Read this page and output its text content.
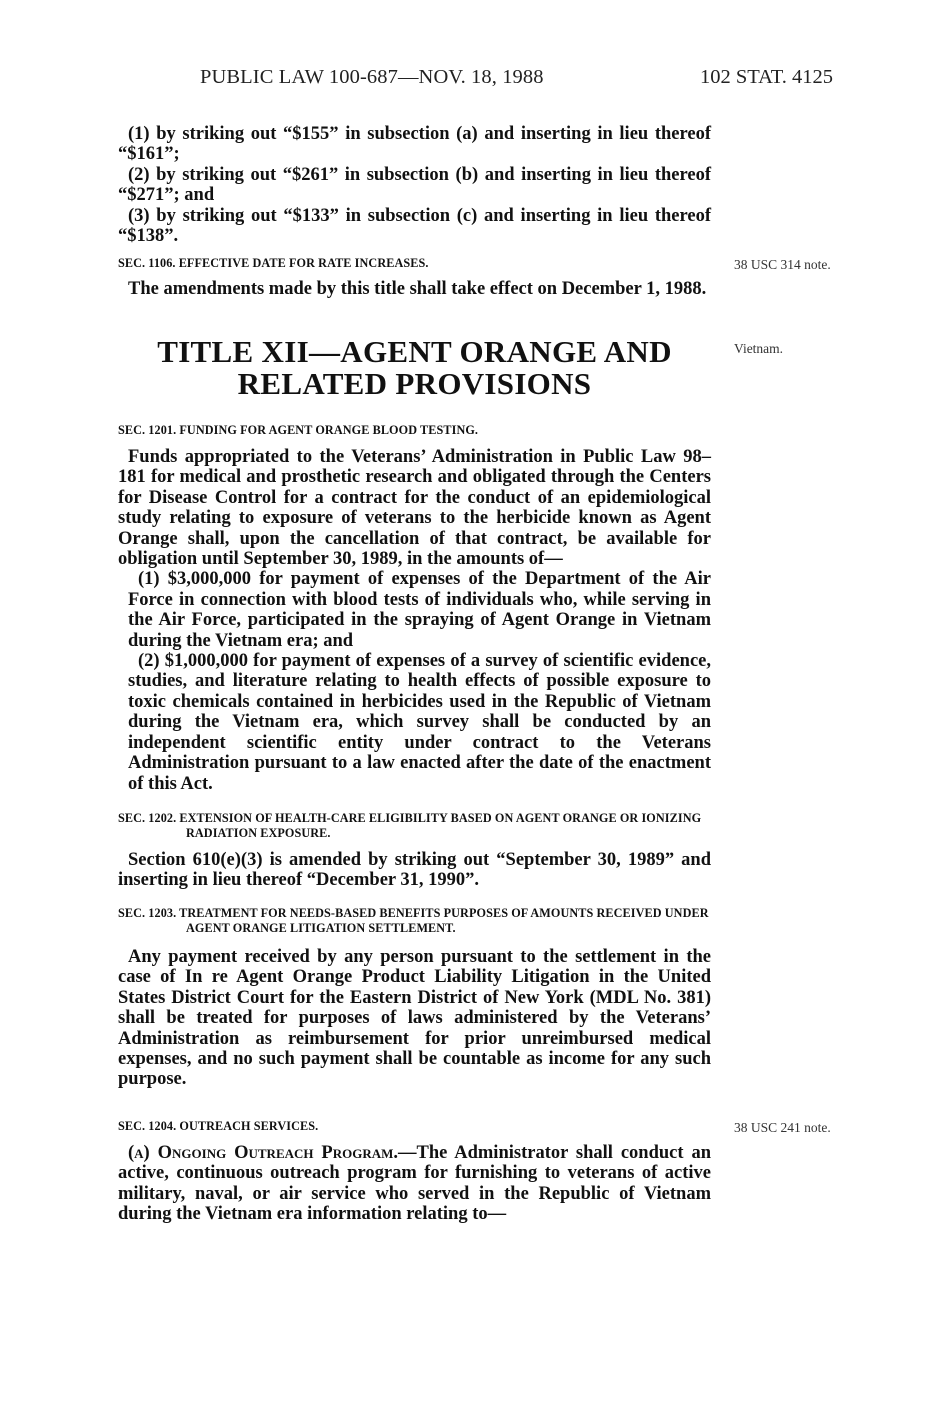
PUBLIC LAW 100-687—NOV. 18, 1988	102 STAT. 4125

(1) by striking out “$155” in subsection (a) and inserting in lieu thereof “$161”;

(2) by striking out “$261” in subsection (b) and inserting in lieu thereof “$271”; and

(3) by striking out “$133” in subsection (c) and inserting in lieu thereof “$138”.

SEC. 1106. EFFECTIVE DATE FOR RATE INCREASES.

The amendments made by this title shall take effect on December 1, 1988.

38 USC 314 note.
TITLE XII—AGENT ORANGE AND
RELATED PROVISIONS
Vietnam.

SEC. 1201. FUNDING FOR AGENT ORANGE BLOOD TESTING.

Funds appropriated to the Veterans’ Administration in Public Law 98–181 for medical and prosthetic research and obligated through the Centers for Disease Control for a contract for the conduct of an epidemiological study relating to exposure of veterans to the herbicide known as Agent Orange shall, upon the cancellation of that contract, be available for obligation until September 30, 1989, in the amounts of—

(1) $3,000,000 for payment of expenses of the Department of the Air Force in connection with blood tests of individuals who, while serving in the Air Force, participated in the spraying of Agent Orange in Vietnam during the Vietnam era; and

(2) $1,000,000 for payment of expenses of a survey of scientific evidence, studies, and literature relating to health effects of possible exposure to toxic chemicals contained in herbicides used in the Republic of Vietnam during the Vietnam era, which survey shall be conducted by an independent scientific entity under contract to the Veterans Administration pursuant to a law enacted after the date of the enactment of this Act.

SEC. 1202. EXTENSION OF HEALTH-CARE ELIGIBILITY BASED ON AGENT ORANGE OR IONIZING RADIATION EXPOSURE.

Section 610(e)(3) is amended by striking out “September 30, 1989” and inserting in lieu thereof “December 31, 1990”.

SEC. 1203. TREATMENT FOR NEEDS-BASED BENEFITS PURPOSES OF AMOUNTS RECEIVED UNDER AGENT ORANGE LITIGATION SETTLEMENT.

Any payment received by any person pursuant to the settlement in the case of In re Agent Orange Product Liability Litigation in the United States District Court for the Eastern District of New York (MDL No. 381) shall be treated for purposes of laws administered by the Veterans’ Administration as reimbursement for prior unreimbursed medical expenses, and no such payment shall be countable as income for any such purpose.

SEC. 1204. OUTREACH SERVICES.

(a) Ongoing Outreach Program.—The Administrator shall conduct an active, continuous outreach program for furnishing to veterans of active military, naval, or air service who served in the Republic of Vietnam during the Vietnam era information relating to—

38 USC 241 note.
